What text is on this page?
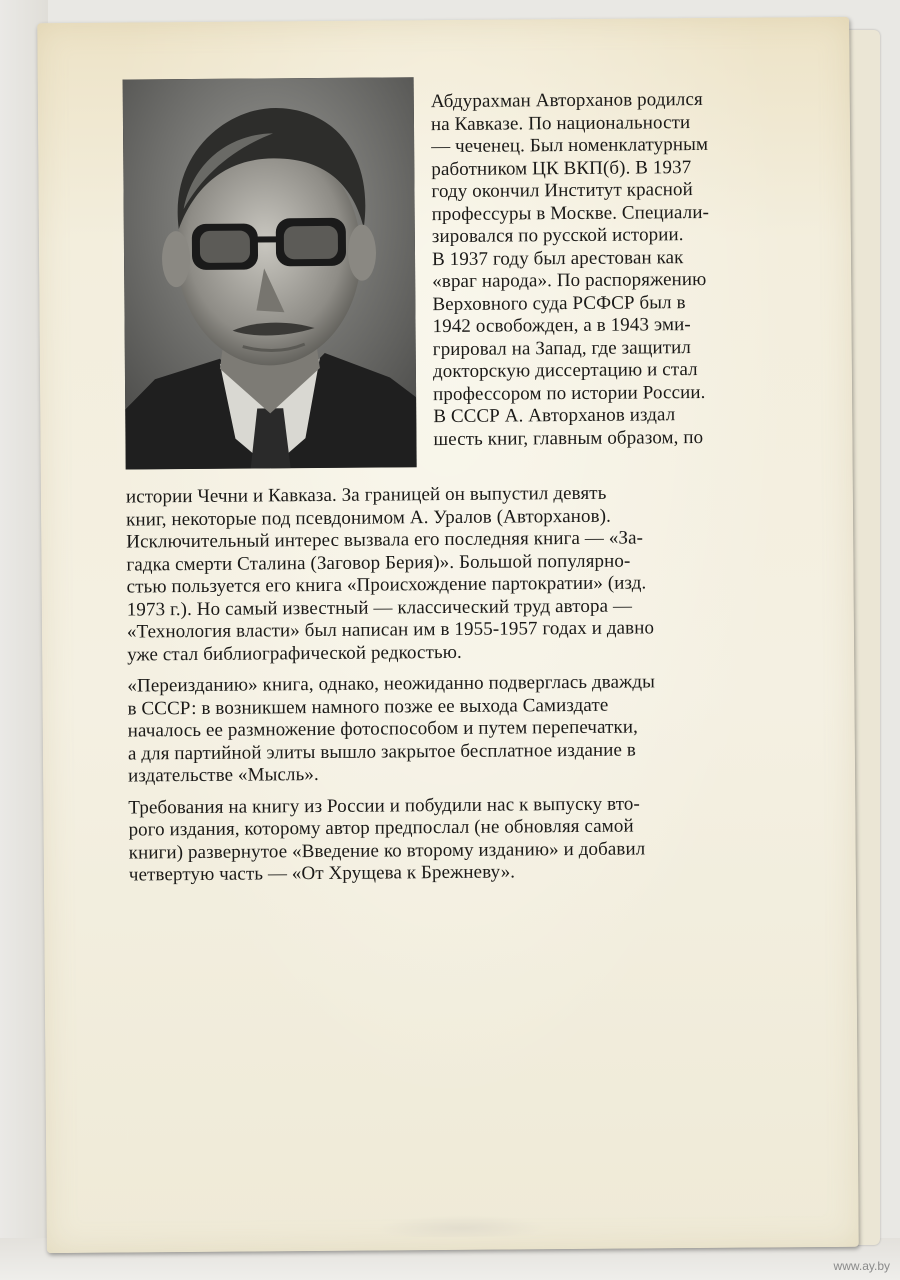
Абдурахман Авторханов родился

на Кавказе. По национальности

— чеченец. Был номенклатурным

работником ЦК ВКП(б). В 1937

году окончил Институт красной

профессуры в Москве. Специали-

зировался по русской истории.

В 1937 году был арестован как

«враг народа». По распоряжению

Верховного суда РСФСР был в

1942 освобожден, а в 1943 эми-

грировал на Запад, где защитил

докторскую диссертацию и стал

профессором по истории России.

В СССР А. Авторханов издал

шесть книг, главным образом, по

истории Чечни и Кавказа. За границей он выпустил девять

книг, некоторые под псевдонимом А. Уралов (Авторханов).

Исключительный интерес вызвала его последняя книга — «За-

гадка смерти Сталина (Заговор Берия)». Большой популярно-

стью пользуется его книга «Происхождение партократии» (изд.

1973 г.). Но самый известный — классический труд автора —

«Технология власти» был написан им в 1955-1957 годах и давно

уже стал библиографической редкостью.

«Переизданию» книга, однако, неожиданно подверглась дважды

в СССР: в возникшем намного позже ее выхода Самиздате

началось ее размножение фотоспособом и путем перепечатки,

а для партийной элиты вышло закрытое бесплатное издание в

издательстве «Мысль».

Требования на книгу из России и побудили нас к выпуску вто-

рого издания, которому автор предпослал (не обновляя самой

книги) развернутое «Введение ко второму изданию» и добавил

четвертую часть — «От Хрущева к Брежневу».

www.ay.by
